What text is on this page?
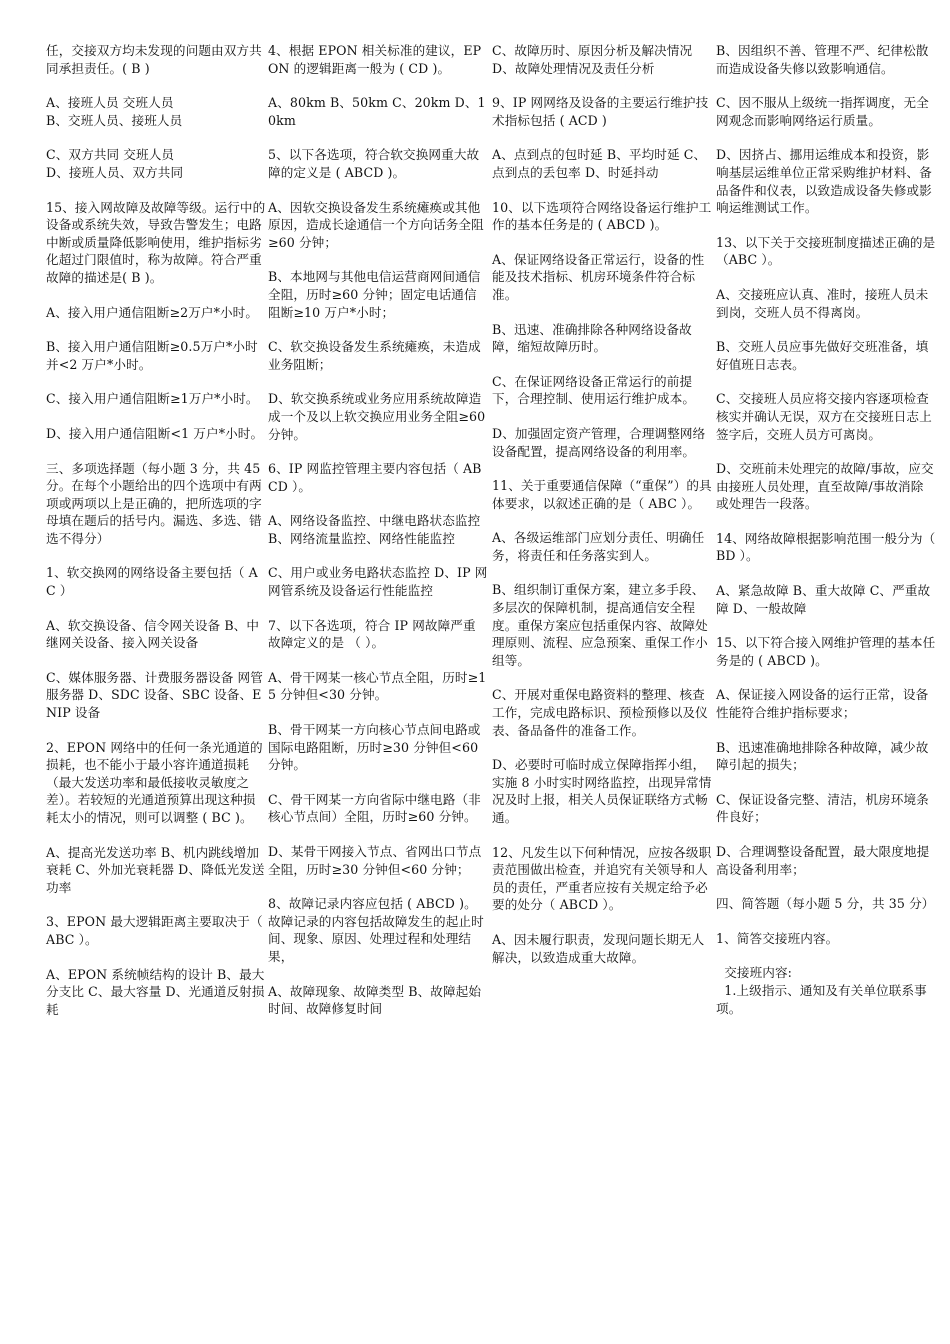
任，交接双方均未发现的问题由双方共同承担责任。( B )

A、接班人员 交班人员
B、交班人员、接班人员

C、双方共同 交班人员
D、接班人员、双方共同

15、接入网故障及故障等级。运行中的设备或系统失效，导致告警发生；电路中断或质量降低影响使用，维护指标劣化超过门限值时，称为故障。符合严重故障的描述是( B )。

A、接入用户通信阻断≥2万户*小时。

B、接入用户通信阻断≥0.5万户*小时并<2 万户*小时。

C、接入用户通信阻断≥1万户*小时。

D、接入用户通信阻断<1 万户*小时。

三、多项选择题（每小题 3 分，共 45 分。在每个小题给出的四个选项中有两项或两项以上是正确的，把所选项的字母填在题后的括号内。漏选、多选、错选不得分）

1、软交换网的网络设备主要包括（ AC ）

A、软交换设备、信令网关设备 B、中继网关设备、接入网关设备

C、媒体服务器、计费服务器设备 网管服务器 D、SDC 设备、SBC 设备、ENIP 设备

2、EPON 网络中的任何一条光通道的损耗，也不能小于最小容许通道损耗（最大发送功率和最低接收灵敏度之差）。若较短的光通道预算出现这种损耗太小的情况，则可以调整 ( BC )。

A、提高光发送功率 B、机内跳线增加衰耗 C、外加光衰耗器 D、降低光发送功率

3、EPON 最大逻辑距离主要取决于（ ABC ）。

A、EPON 系统帧结构的设计 B、最大分支比 C、最大容量 D、光通道反射损耗

4、根据 EPON 相关标准的建议，EPON 的逻辑距离一般为 ( CD )。

A、80km B、50km C、20km D、10km

5、以下各选项，符合软交换网重大故障的定义是 ( ABCD )。

A、因软交换设备发生系统瘫痪或其他原因，造成长途通信一个方向话务全阻≥60 分钟；

B、本地网与其他电信运营商网间通信全阻，历时≥60 分钟；固定电话通信阻断≥10 万户*小时；

C、软交换设备发生系统瘫痪，未造成业务阻断；

D、软交换系统或业务应用系统故障造成一个及以上软交换应用业务全阻≥60 分钟。

6、IP 网监控管理主要内容包括（ ABCD ）。

A、网络设备监控、中继电路状态监控 B、网络流量监控、网络性能监控

C、用户或业务电路状态监控 D、IP 网网管系统及设备运行性能监控

7、以下各选项，符合 IP 网故障严重故障定义的是 （ ）。

A、骨干网某一核心节点全阻，历时≥15 分钟但<30 分钟。

B、骨干网某一方向核心节点间电路或国际电路阻断，历时≥30 分钟但<60 分钟。

C、骨干网某一方向省际中继电路（非核心节点间）全阻，历时≥60 分钟。

D、某骨干网接入节点、省网出口节点全阻，历时≥30 分钟但<60 分钟；

8、故障记录内容应包括 ( ABCD )。故障记录的内容包括故障发生的起止时间、现象、原因、处理过程和处理结果，

A、故障现象、故障类型 B、故障起始时间、故障修复时间

C、故障历时、原因分析及解决情况 D、故障处理情况及责任分析

9、IP 网网络及设备的主要运行维护技术指标包括 ( ACD )

A、点到点的包时延 B、平均时延 C、点到点的丢包率 D、时延抖动

10、以下选项符合网络设备运行维护工作的基本任务是的 ( ABCD )。

A、保证网络设备正常运行，设备的性能及技术指标、机房环境条件符合标准。

B、迅速、准确排除各种网络设备故障，缩短故障历时。

C、在保证网络设备正常运行的前提下，合理控制、使用运行维护成本。

D、加强固定资产管理，合理调整网络设备配置，提高网络设备的利用率。

11、关于重要通信保障（“重保”）的具体要求，以叙述正确的是（ ABC ）。

A、各级运维部门应划分责任、明确任务，将责任和任务落实到人。

B、组织制订重保方案，建立多手段、多层次的保障机制，提高通信安全程度。重保方案应包括重保内容、故障处理原则、流程、应急预案、重保工作小组等。

C、开展对重保电路资料的整理、核查工作，完成电路标识、预检预修以及仪表、备品备件的准备工作。

D、必要时可临时成立保障指挥小组，实施 8 小时实时网络监控，出现异常情况及时上报，相关人员保证联络方式畅通。

12、凡发生以下何种情况，应按各级职责范围做出检查，并追究有关领导和人员的责任，严重者应按有关规定给予必要的处分（ ABCD ）。

A、因未履行职责，发现问题长期无人解决，以致造成重大故障。

B、因组织不善、管理不严、纪律松散而造成设备失修以致影响通信。

C、因不服从上级统一指挥调度，无全网观念而影响网络运行质量。

D、因挤占、挪用运维成本和投资，影响基层运维单位正常采购维护材料、备品备件和仪表，以致造成设备失修或影响运维测试工作。

13、以下关于交接班制度描述正确的是（ABC ）。

A、交接班应认真、准时，接班人员未到岗，交班人员不得离岗。

B、交班人员应事先做好交班准备，填好值班日志表。

C、交接班人员应将交接内容逐项检查核实并确认无误，双方在交接班日志上签字后，交班人员方可离岗。

D、交班前未处理完的故障/事故，应交由接班人员处理，直至故障/事故消除或处理告一段落。

14、网络故障根据影响范围一般分为（ BD ）。

A、紧急故障 B、重大故障 C、严重故障 D、一般故障

15、以下符合接入网维护管理的基本任务是的 ( ABCD )。

A、保证接入网设备的运行正常，设备性能符合维护指标要求；

B、迅速准确地排除各种故障，减少故障引起的损失；

C、保证设备完整、清洁，机房环境条件良好；

D、合理调整设备配置，最大限度地提高设备利用率；

四、简答题（每小题 5 分，共 35 分）

1、简答交接班内容。

交接班内容:
1.上级指示、通知及有关单位联系事项。
